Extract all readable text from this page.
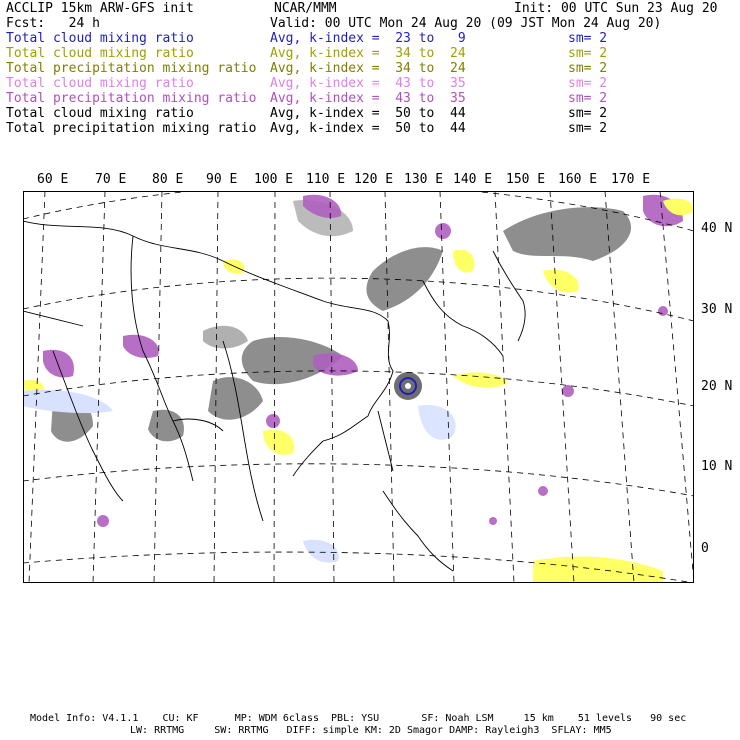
ACCLIP 15km ARW-GFS init	NCAR/MMM	Init: 00 UTC Sun 23 Aug 20
Fcst:   24 h	Valid: 00 UTC Mon 24 Aug 20 (09 JST Mon 24 Aug 20)
Total cloud mixing ratio	Avg, k-index =  23 to   9	sm= 2
Total cloud mixing ratio	Avg, k-index =  34 to  24	sm= 2
Total precipitation mixing ratio Avg, k-index =  34 to  24	sm= 2
Total cloud mixing ratio	Avg, k-index =  43 to  35	sm= 2
Total precipitation mixing ratio Avg, k-index =  43 to  35	sm= 2
Total cloud mixing ratio	Avg, k-index =  50 to  44	sm= 2
Total precipitation mixing ratio Avg, k-index =  50 to  44	sm= 2
60 E 70 E 80 E 90 E 100 E 110 E 120 E 130 E 140 E 150 E 160 E 170 E
40 N
30 N
20 N
10 N
0
Model Info: V4.1.1    CU: KF      MP: WDM 6class  PBL: YSU       SF: Noah LSM     15 km    51 levels   90 sec
LW: RRTMG     SW: RRTMG   DIFF: simple KM: 2D Smagor DAMP: Rayleigh3  SFLAY: MM5
